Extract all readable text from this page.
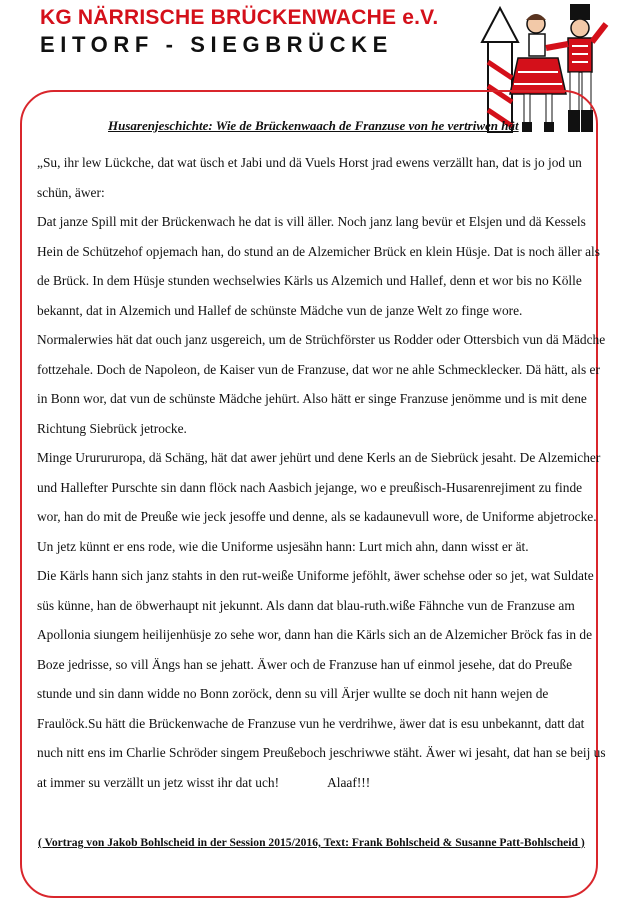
KG NÄRRISCHE BRÜCKENWACHE e.V.
EITORF - SIEGBRÜCKE
Husarenjeschichte: Wie de Brückenwaach de Franzuse von he vertriwen hät
„Su, ihr lew Lückche, dat wat üsch et Jabi und dä Vuels Horst jrad ewens verzällt han, dat is jo jod un
schün, äwer:
Dat janze Spill mit der Brückenwach he dat is vill äller. Noch janz lang bevür et Elsjen und dä Kessels
Hein de Schützehof opjemach han, do stund an de Alzemicher Brück en klein Hüsje. Dat is noch äller als
de Brück. In dem Hüsje stunden wechselwies Kärls us Alzemich und Hallef, denn et wor bis no Kölle
bekannt, dat in Alzemich und Hallef de schünste Mädche vun de janze Welt zo finge wore.
Normalerwies hät dat ouch janz usgereich, um de Strüchförster us Rodder oder Ottersbich vun dä Mädche
fottzehale. Doch de Napoleon, de Kaiser vun de Franzuse, dat wor ne ahle Schmecklecker. Dä hätt, als er
in Bonn wor, dat vun de schünste Mädche jehürt. Also hätt er singe Franzuse jenömme und is mit dene
Richtung Siebrück jetrocke.
Minge Ururururopa, dä Schäng, hät dat awer jehürt und dene Kerls an de Siebrück jesaht. De Alzemicher
und Hallefter Purschte sin dann flöck nach Aasbich jejange, wo e preußisch-Husarenrejiment zu finde
wor, han do mit de Preuße wie jeck jesoffe und denne, als se kadaunevull wore, de Uniforme abjetrocke.
Un jetz künnt er ens rode, wie die Uniforme usjesähn hann: Lurt mich ahn, dann wisst er ät.
Die Kärls hann sich janz stahts in den rut-weiße Uniforme jeföhlt, äwer schehse oder so jet, wat Suldate
süs künne, han de öbwerhaupt nit jekunnt. Als dann dat blau-ruth.wiße Fähnche vun de Franzuse am
Apollonia siungem heilijenhüsje zo sehe wor, dann han die Kärls sich an de Alzemicher Bröck fas in de
Boze jedrisse, so vill Ängs han se jehatt. Äwer och de Franzuse han uf einmol jesehe, dat do Preuße
stunde und sin dann widde no Bonn zoröck, denn su vill Ärjer wullte se doch nit hann wejen de
Fraulöck.Su hätt die Brückenwache de Franzuse vun he verdrihwe, äwer dat is esu unbekannt, datt dat
nuch nitt ens im Charlie Schröder singem Preußeboch jeschriwwe stäht. Äwer wi jesaht, dat han se beij us
at immer su verzällt un jetz wisst ihr dat uch!	Alaaf!!!
( Vortrag von Jakob Bohlscheid in der Session 2015/2016, Text: Frank Bohlscheid & Susanne Patt-Bohlscheid )
